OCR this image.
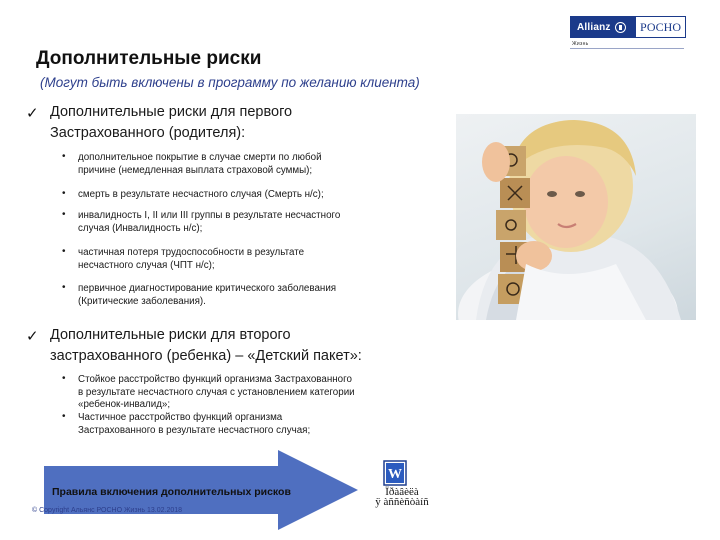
Allianz	РОСНО
Жизнь
Дополнительные риски
(Могут быть включены в программу по желанию клиента)
✓ Дополнительные риски для первого
Застрахованного (родителя):
•	дополнительное покрытие в случае смерти по любой
причине (немедленная выплата страховой суммы);
•	смерть в результате несчастного случая (Смерть н/с);
•	инвалидность I, II или III группы в результате несчастного
случая (Инвалидность н/с);
•	частичная потеря трудоспособности в результате
несчастного случая (ЧПТ н/с);
•	первичное диагностирование критического заболевания
(Критические заболевания).
✓ Дополнительные риски для второго
застрахованного (ребенка) – «Детский пакет»:
•	Стойкое расстройство функций организма Застрахованного
в результате несчастного случая с установлением категории
«ребенок-инвалид»;
•	Частичное расстройство функций организма
Застрахованного в результате несчастного случая;
Правила включения дополнительных рисков
© Copyright Альянс РОСНО Жизнь 13.02.2018
W
Ïðàâèëà
ÿ àññèñòàíñ
